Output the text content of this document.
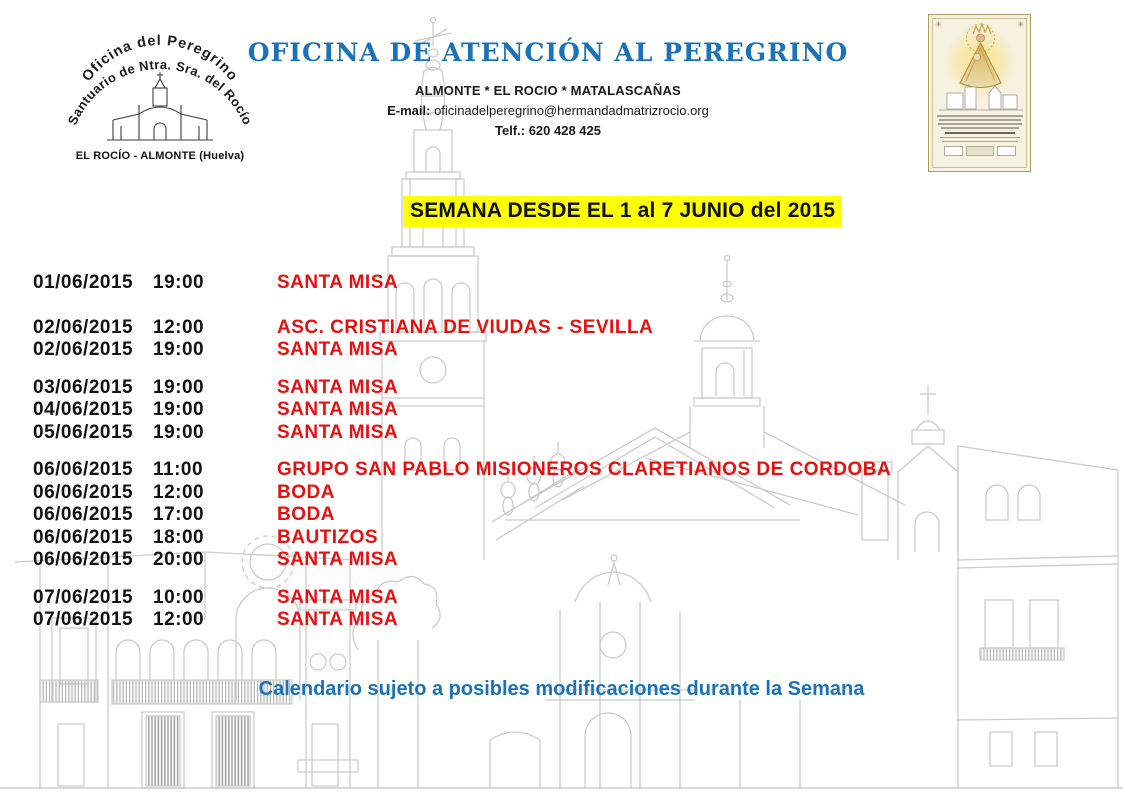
Oficina del Peregrino
Santuario de Ntra. Sra. del Rocío
EL ROCÍO - ALMONTE (Huelva)
OFICINA DE ATENCIÓN AL PEREGRINO

ALMONTE * EL ROCIO * MATALASCAÑAS

E-mail: oficinadelperegrino@hermandadmatrizrocio.org

Telf.: 620 428 425

✳	✳
SEMANA DESDE EL 1 al 7 JUNIO del 2015
01/06/2015	19:00	SANTA MISA
02/06/2015	12:00	ASC. CRISTIANA DE VIUDAS - SEVILLA
02/06/2015	19:00	SANTA MISA
03/06/2015	19:00	SANTA MISA
04/06/2015	19:00	SANTA MISA
05/06/2015	19:00	SANTA MISA
06/06/2015	11:00	GRUPO SAN PABLO MISIONEROS CLARETIANOS DE CORDOBA
06/06/2015	12:00	BODA
06/06/2015	17:00	BODA
06/06/2015	18:00	BAUTIZOS
06/06/2015	20:00	SANTA MISA
07/06/2015	10:00	SANTA MISA
07/06/2015	12:00	SANTA MISA
Calendario sujeto a posibles modificaciones durante la Semana
